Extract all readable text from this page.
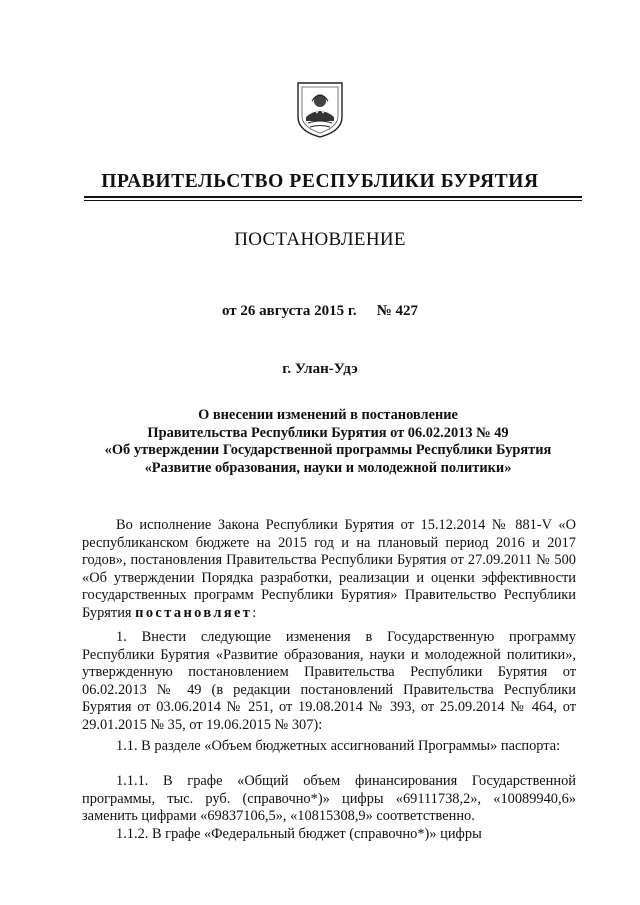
ПРАВИТЕЛЬСТВО РЕСПУБЛИКИ БУРЯТИЯ
ПОСТАНОВЛЕНИЕ
от 26 августа 2015 г. № 427
г. Улан-Удэ
О внесении изменений в постановление
Правительства Республики Бурятия от 06.02.2013 № 49
«Об утверждении Государственной программы Республики Бурятия
«Развитие образования, науки и молодежной политики»
Во исполнение Закона Республики Бурятия от 15.12.2014 № 881-V «О республиканском бюджете на 2015 год и на плановый период 2016 и 2017 годов», постановления Правительства Республики Бурятия от 27.09.2011 № 500 «Об утверждении Порядка разработки, реализации и оценки эффективности государственных программ Республики Бурятия» Правительство Республики Бурятия постановляет:
1. Внести следующие изменения в Государственную программу Республики Бурятия «Развитие образования, науки и молодежной политики», утвержденную постановлением Правительства Республики Бурятия от 06.02.2013 № 49 (в редакции постановлений Правительства Республики Бурятия от 03.06.2014 № 251, от 19.08.2014 № 393, от 25.09.2014 № 464, от 29.01.2015 № 35, от 19.06.2015 № 307):
1.1. В разделе «Объем бюджетных ассигнований Программы» паспорта:
1.1.1. В графе «Общий объем финансирования Государственной программы, тыс. руб. (справочно*)» цифры «69111738,2», «10089940,6» заменить цифрами «69837106,5», «10815308,9» соответственно.
1.1.2. В графе «Федеральный бюджет (справочно*)» цифры
